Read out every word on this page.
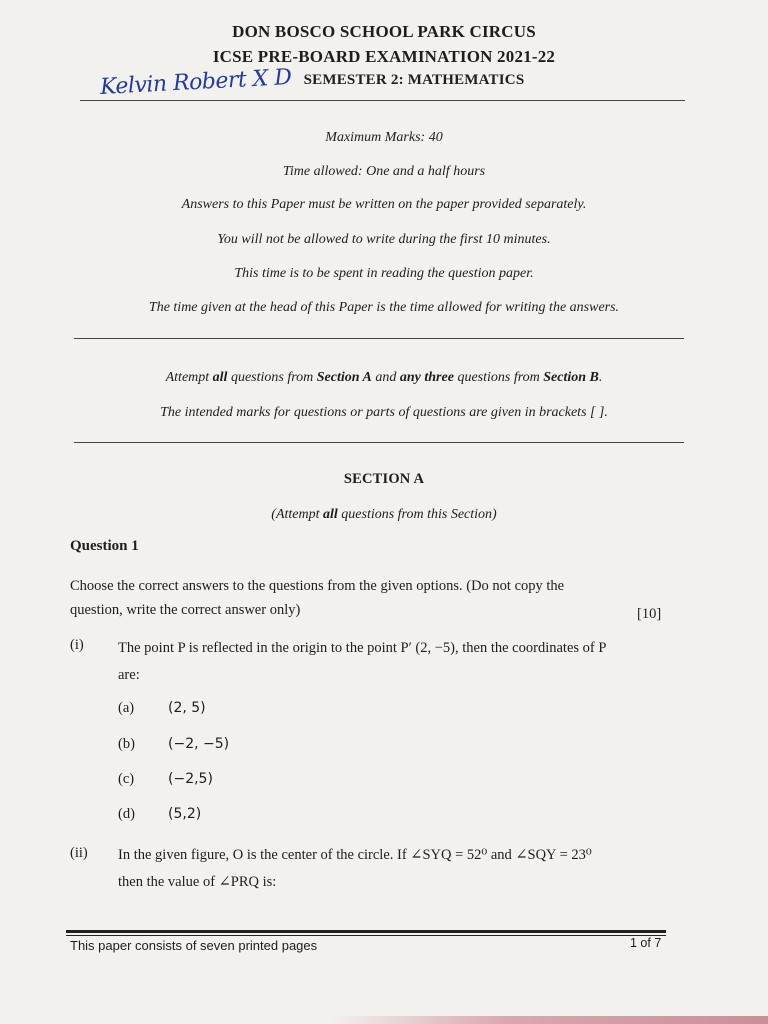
DON BOSCO SCHOOL PARK CIRCUS
ICSE PRE-BOARD EXAMINATION 2021-22
SEMESTER 2: MATHEMATICS
Kelvin Robert X D
Maximum Marks: 40
Time allowed: One and a half hours
Answers to this Paper must be written on the paper provided separately.
You will not be allowed to write during the first 10 minutes.
This time is to be spent in reading the question paper.
The time given at the head of this Paper is the time allowed for writing the answers.
Attempt all questions from Section A and any three questions from Section B.
The intended marks for questions or parts of questions are given in brackets [ ].
SECTION A
(Attempt all questions from this Section)
Question 1
Choose the correct answers to the questions from the given options. (Do not copy the
question, write the correct answer only)	[10]
(i) The point P is reflected in the origin to the point P′ (2, −5), then the coordinates of P
are:
(a) (2, 5)
(b) (−2, −5)
(c) (−2,5)
(d) (5,2)
(ii) In the given figure, O is the center of the circle. If ∠SYQ = 52⁰ and ∠SQY = 23⁰
then the value of ∠PRQ is:
This paper consists of seven printed pages	1 of 7
